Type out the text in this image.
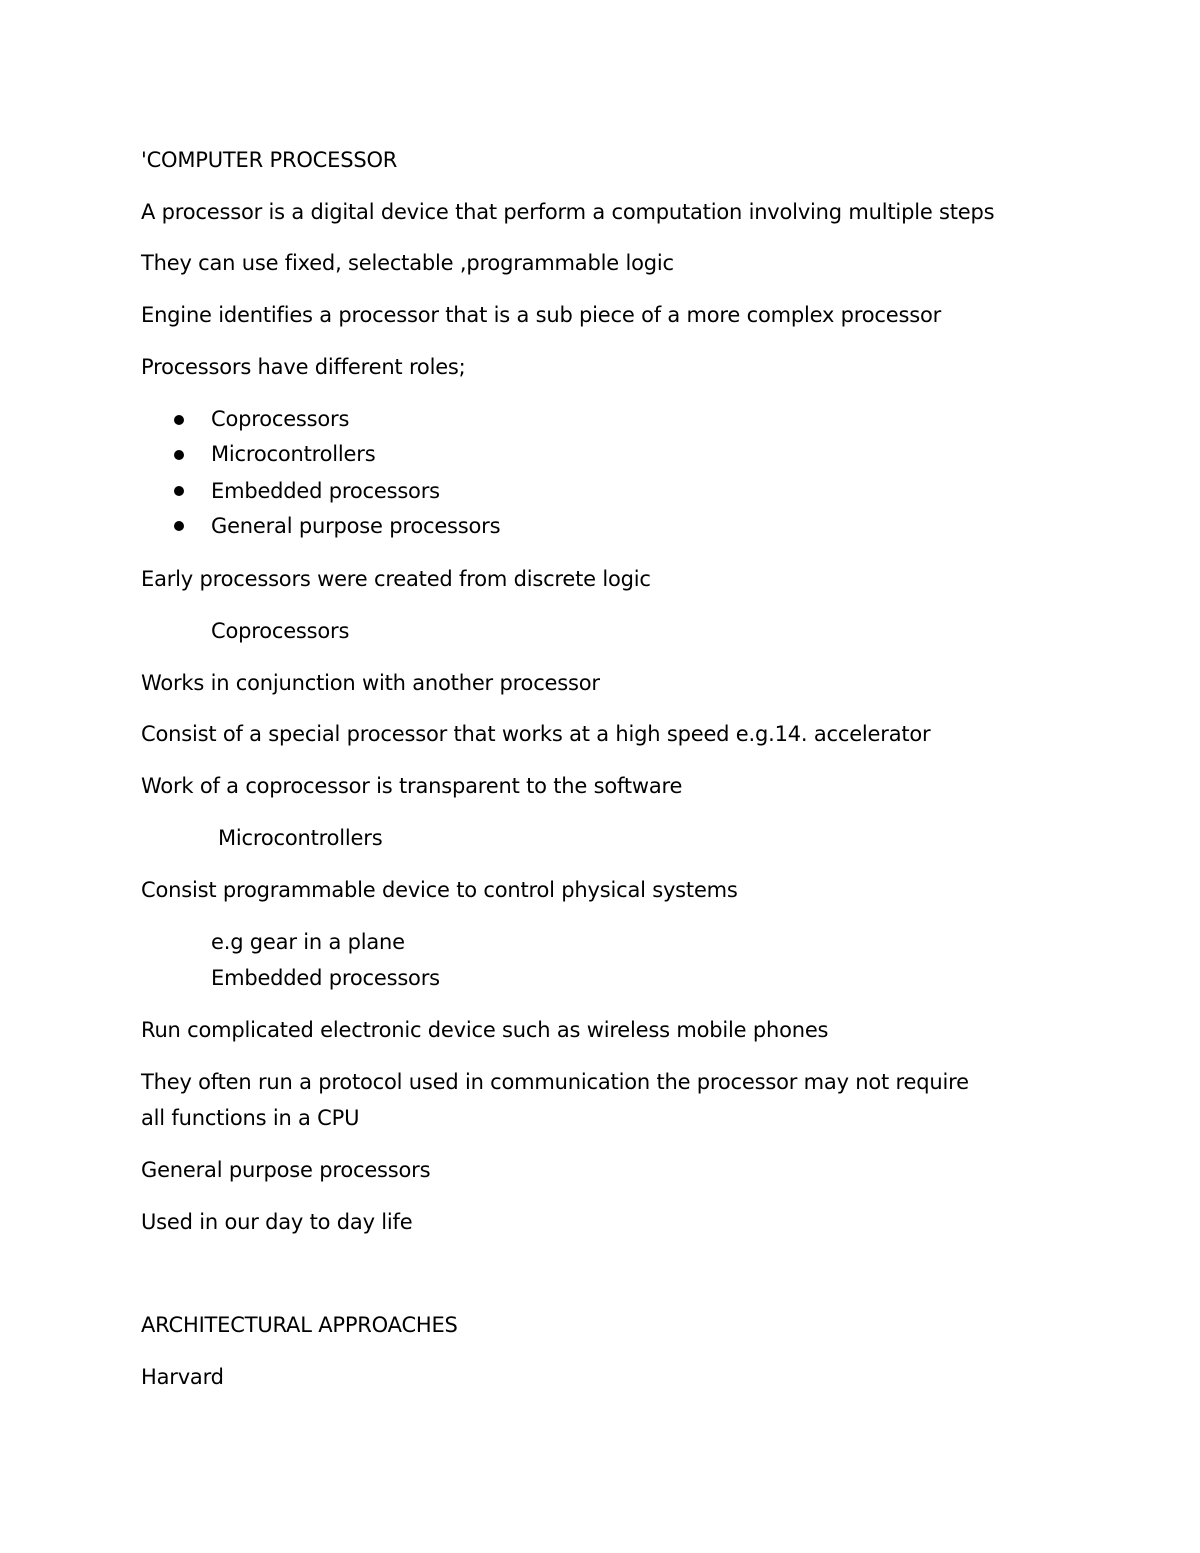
'COMPUTER PROCESSOR
A processor is a digital device that perform a computation involving multiple steps
They can use fixed, selectable ,programmable logic
Engine identifies a processor that is a sub piece of a more complex processor
Processors have different roles;
Coprocessors
Microcontrollers
Embedded processors
General purpose processors
Early processors were created from discrete logic
Coprocessors
Works in conjunction with another processor
Consist of a special processor that works at a high speed e.g.14. accelerator
Work of a coprocessor is transparent to the software
Microcontrollers
Consist programmable device to control physical systems
e.g gear in a plane
Embedded processors
Run complicated electronic device such as wireless mobile phones
They often run a protocol used in communication the processor may not require
all functions in a CPU
General purpose processors
Used in our day to day life
ARCHITECTURAL APPROACHES
Harvard
